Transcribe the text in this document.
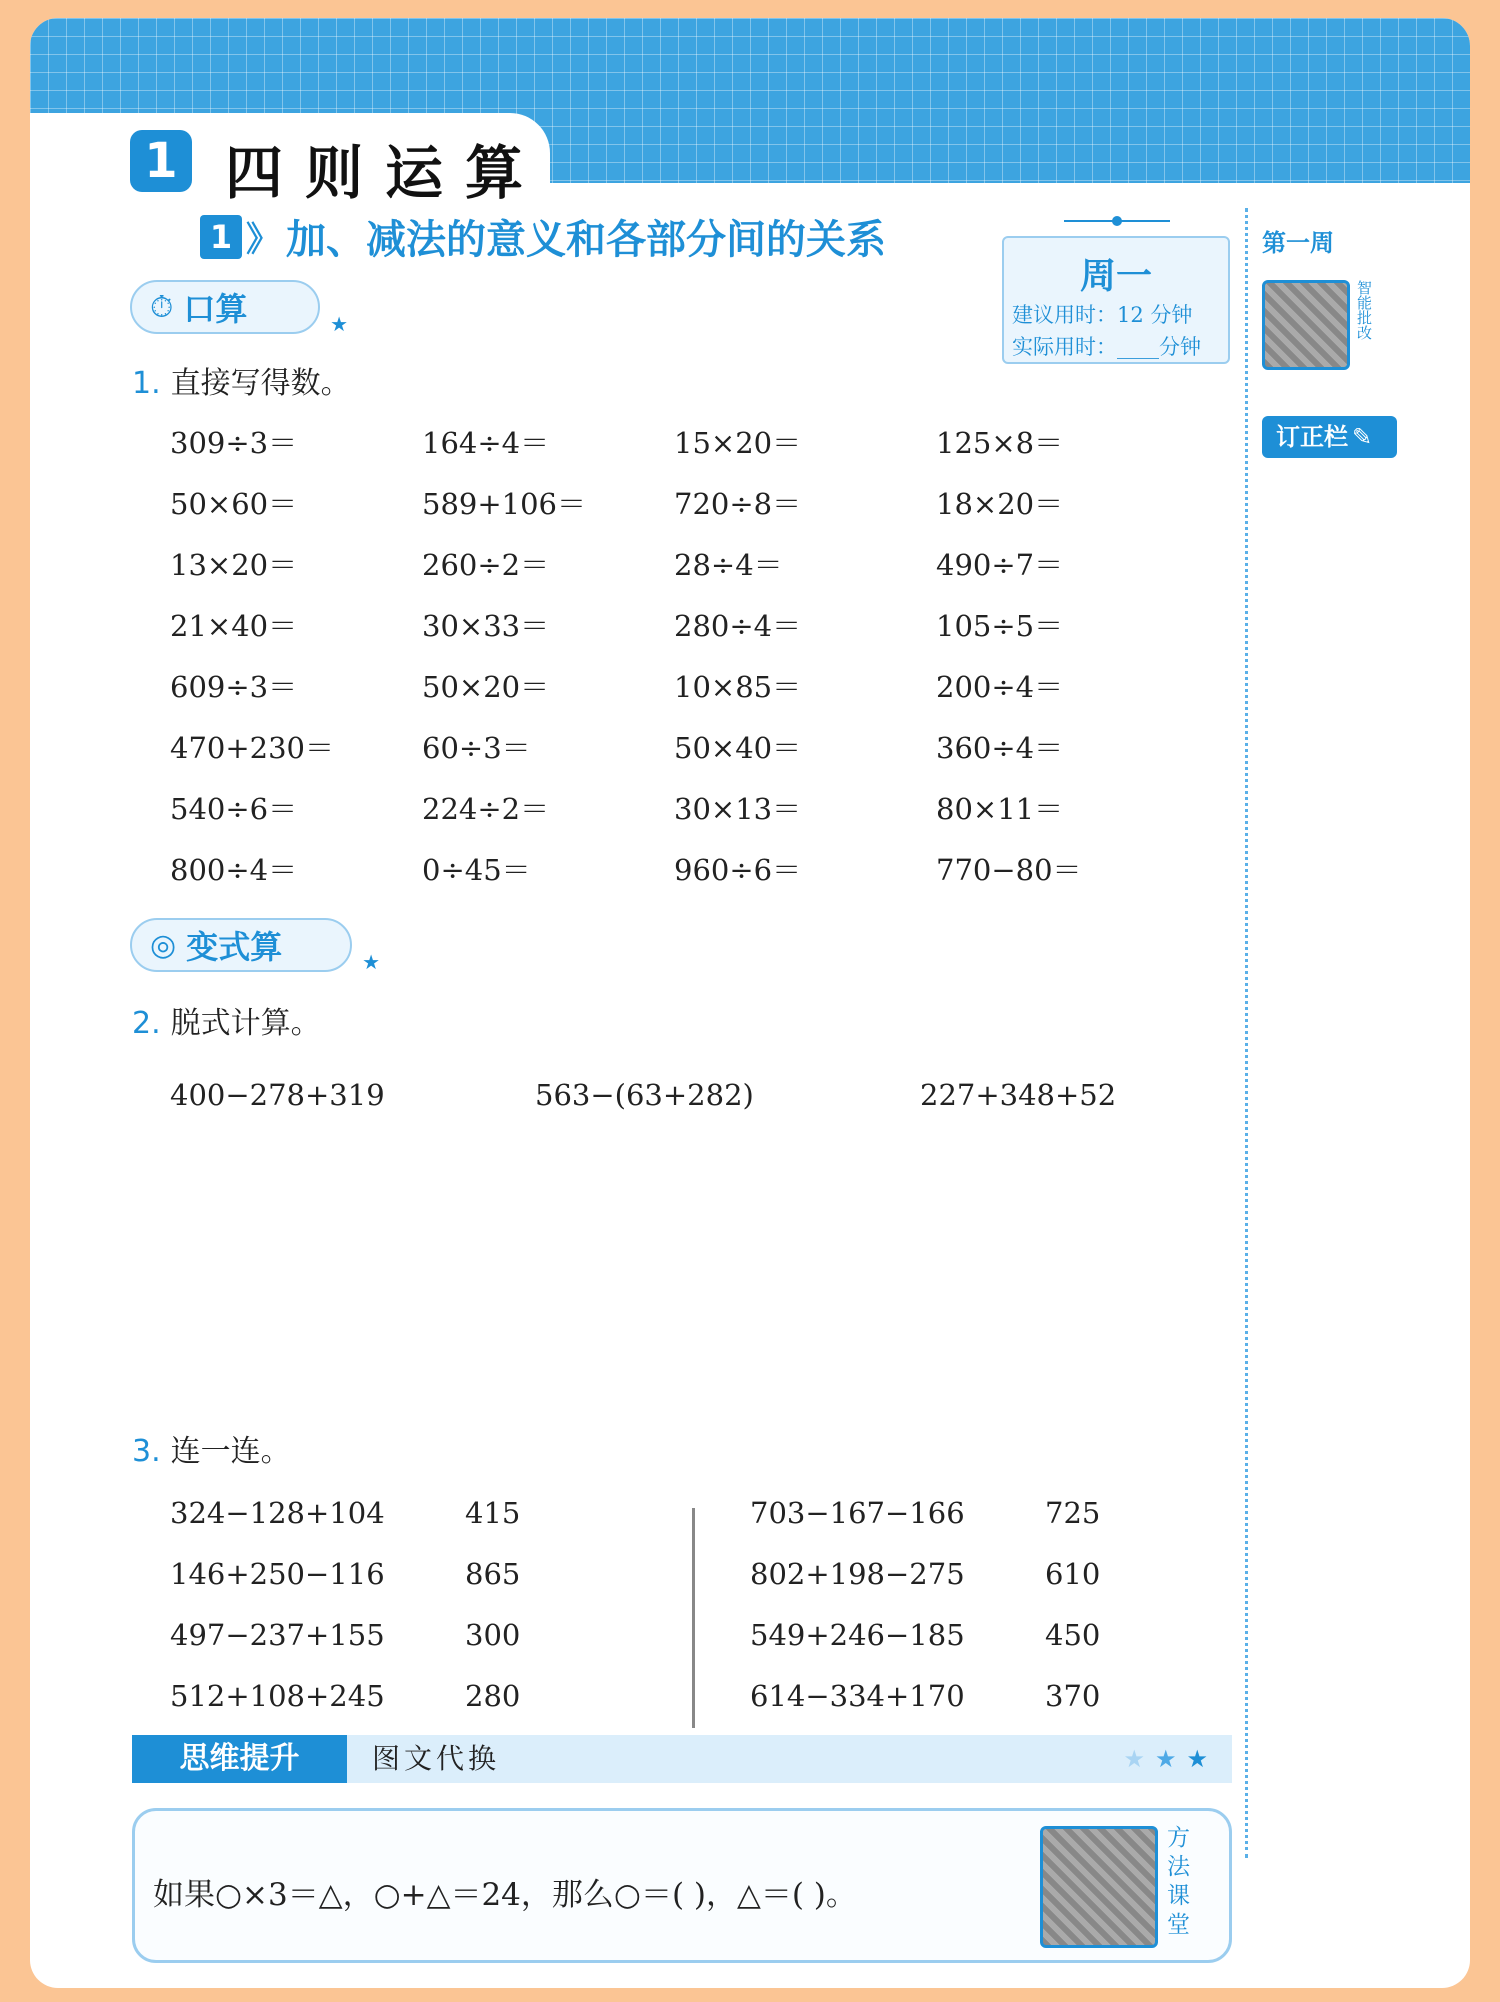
1 四则运算
1 》 加、减法的意义和各部分间的关系
周一
建议用时：12 分钟
实际用时：____分钟
第一周
智能批改
订正栏 ✎
⏱ 口算	★
1. 直接写得数。
309÷3＝	164÷4＝	15×20＝	125×8＝
50×60＝	589+106＝	720÷8＝	18×20＝
13×20＝	260÷2＝	28÷4＝	490÷7＝
21×40＝	30×33＝	280÷4＝	105÷5＝
609÷3＝	50×20＝	10×85＝	200÷4＝
470+230＝	60÷3＝	50×40＝	360÷4＝
540÷6＝	224÷2＝	30×13＝	80×11＝
800÷4＝	0÷45＝	960÷6＝	770−80＝
◎ 变式算	★
2. 脱式计算。
400−278+319	563−(63+282)	227+348+52
3. 连一连。
324−128+104	415
146+250−116	865
497−237+155	300
512+108+245	280
703−167−166	725
802+198−275	610
549+246−185	450
614−334+170	370
思维提升	图文代换	★★★
如果○×3＝△，○+△＝24，那么○＝( )，△＝( )。	方法课堂
